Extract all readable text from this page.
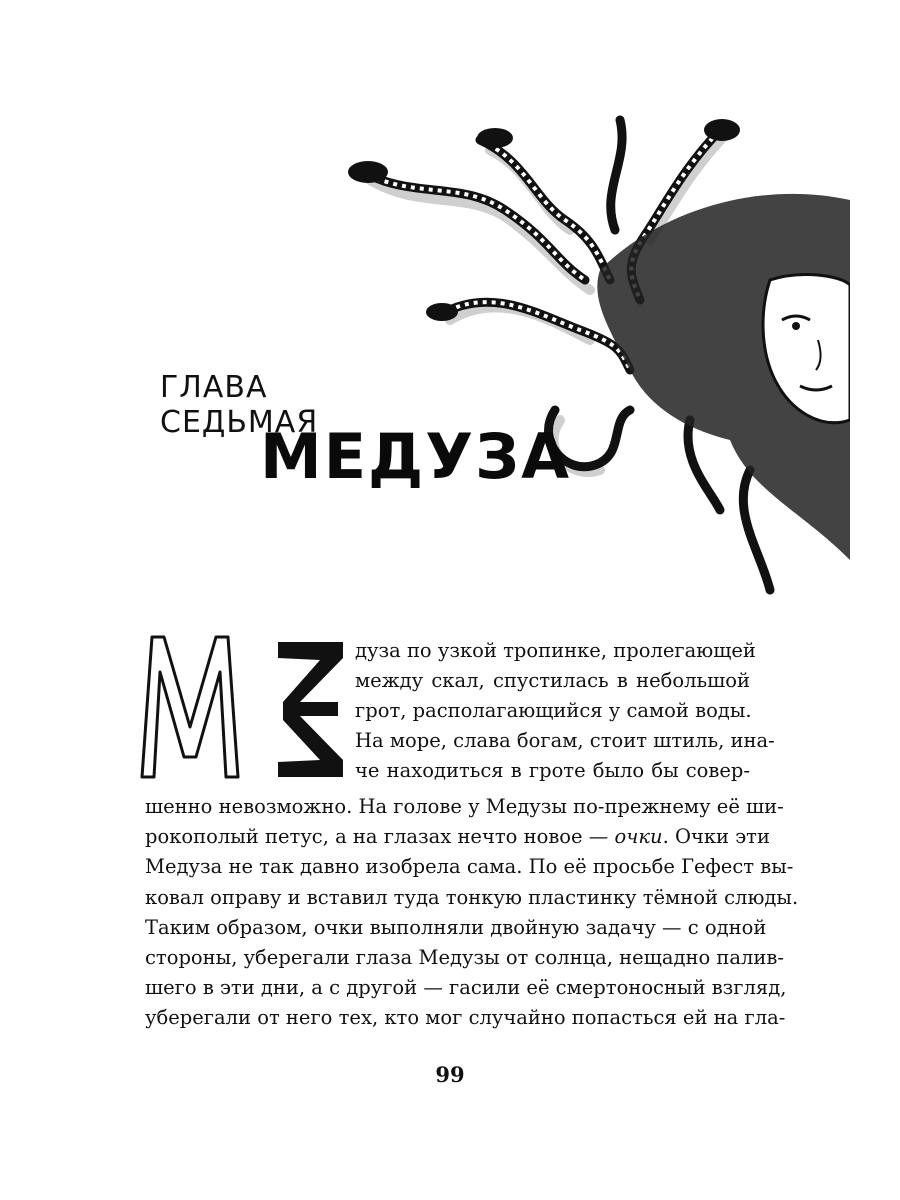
ГЛАВА СЕДЬМАЯ
МЕДУЗА
дуза по узкой тропинке, пролегающей
между скал, спустилась в небольшой
грот, располагающийся у самой воды.
На море, слава богам, стоит штиль, ина-
че находиться в гроте было бы совер-
шенно невозможно. На голове у Медузы по-прежнему её ши-
рокополый петус, а на глазах нечто новое — очки. Очки эти
Медуза не так давно изобрела сама. По её просьбе Гефест вы-
ковал оправу и вставил туда тонкую пластинку тёмной слюды.
Таким образом, очки выполняли двойную задачу — с одной
стороны, уберегали глаза Медузы от солнца, нещадно палив-
шего в эти дни, а с другой — гасили её смертоносный взгляд,
уберегали от него тех, кто мог случайно попасться ей на гла-
99
